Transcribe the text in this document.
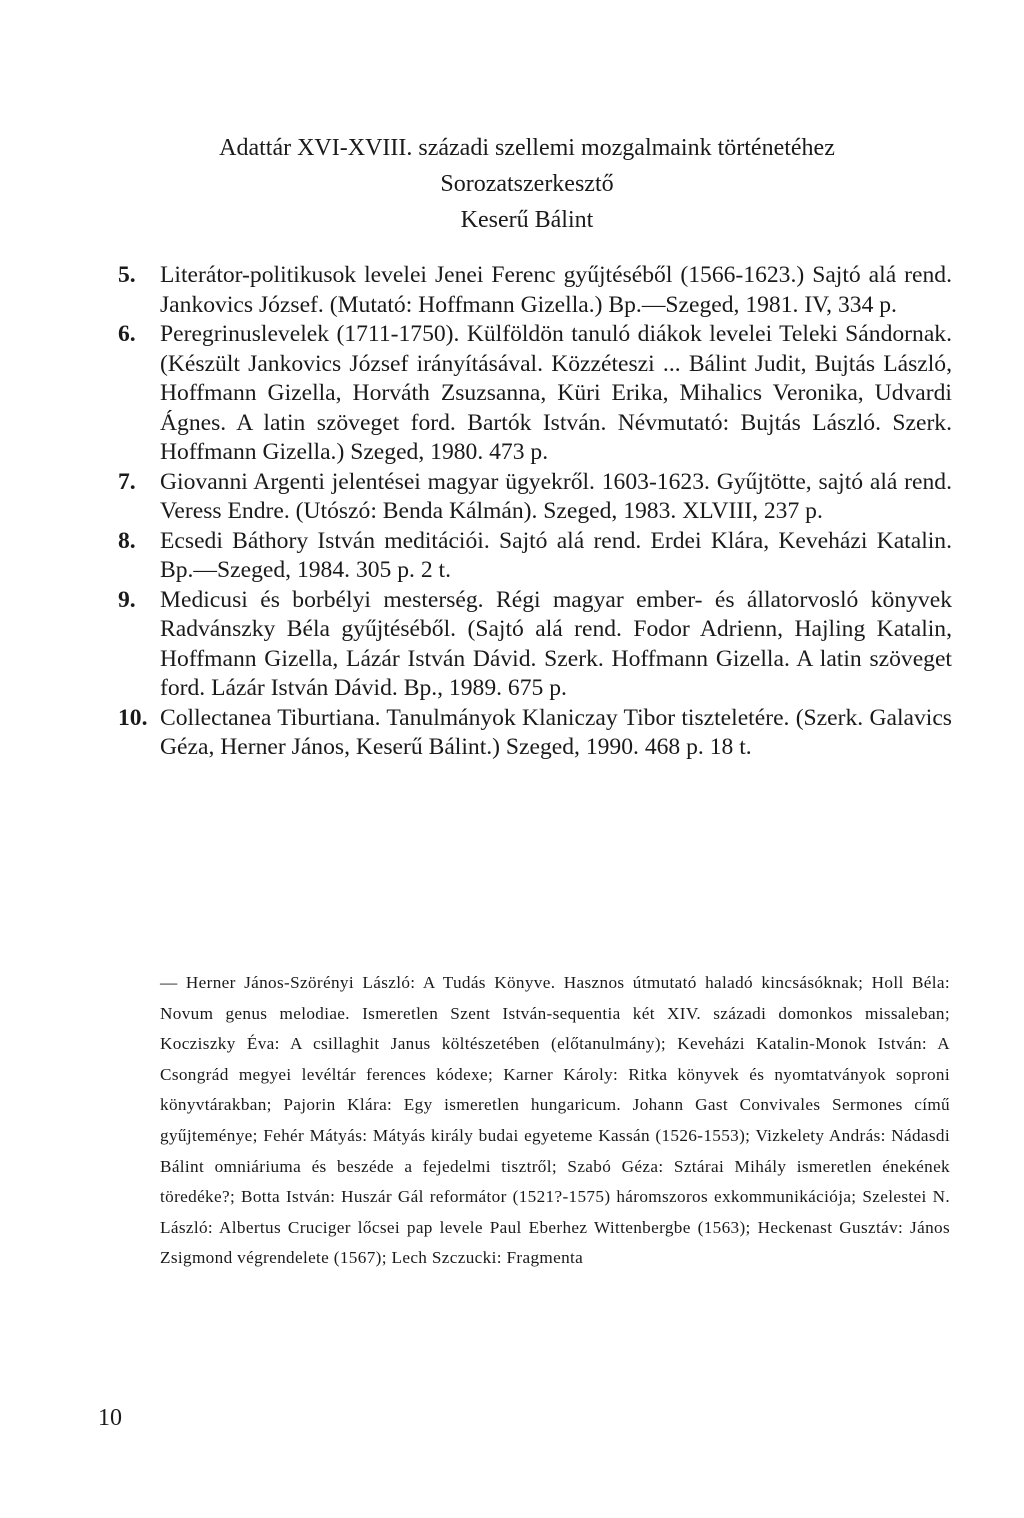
Adattár XVI-XVIII. századi szellemi mozgalmaink történetéhez
Sorozatszerkesztő
Keserű Bálint
5.	Literátor-politikusok levelei Jenei Ferenc gyűjtéséből (1566-1623.) Sajtó alá rend. Jankovics József. (Mutató: Hoffmann Gizella.) Bp.—Szeged, 1981. IV, 334 p.
6.	Peregrinuslevelek (1711-1750). Külföldön tanuló diákok levelei Teleki Sándornak. (Készült Jankovics József irányításával. Közzéteszi ... Bálint Judit, Bujtás László, Hoffmann Gizella, Horváth Zsuzsanna, Küri Erika, Mihalics Veronika, Udvardi Ágnes. A latin szöveget ford. Bartók István. Névmutató: Bujtás László. Szerk. Hoffmann Gizella.) Szeged, 1980. 473 p.
7.	Giovanni Argenti jelentései magyar ügyekről. 1603-1623. Gyűjtötte, sajtó alá rend. Veress Endre. (Utószó: Benda Kálmán). Szeged, 1983. XLVIII, 237 p.
8.	Ecsedi Báthory István meditációi. Sajtó alá rend. Erdei Klára, Keveházi Katalin. Bp.—Szeged, 1984. 305 p. 2 t.
9.	Medicusi és borbélyi mesterség. Régi magyar ember- és állatorvosló könyvek Radvánszky Béla gyűjtéséből. (Sajtó alá rend. Fodor Adrienn, Hajling Katalin, Hoffmann Gizella, Lázár István Dávid. Szerk. Hoffmann Gizella. A latin szöveget ford. Lázár István Dávid. Bp., 1989. 675 p.
10. Collectanea Tiburtiana. Tanulmányok Klaniczay Tibor tiszteletére. (Szerk. Galavics Géza, Herner János, Keserű Bálint.) Szeged, 1990. 468 p. 18 t.
— Herner János-Szörényi László: A Tudás Könyve. Hasznos útmutató haladó kincsásóknak; Holl Béla: Novum genus melodiae. Ismeretlen Szent István-sequentia két XIV. századi domonkos missaleban; Kocziszky Éva: A csillaghit Janus költészetében (előtanulmány); Keveházi Katalin-Monok István: A Csongrád megyei levéltár ferences kódexe; Karner Károly: Ritka könyvek és nyomtatványok soproni könyvtárakban; Pajorin Klára: Egy ismeretlen hungaricum. Johann Gast Convivales Sermones című gyűjteménye; Fehér Mátyás: Mátyás király budai egyeteme Kassán (1526-1553); Vizkelety András: Nádasdi Bálint omniáriuma és beszéde a fejedelmi tisztről; Szabó Géza: Sztárai Mihály ismeretlen énekének töredéke?; Botta István: Huszár Gál reformátor (1521?-1575) háromszoros exkommunikációja; Szelestei N. László: Albertus Cruciger lőcsei pap levele Paul Eberhez Wittenbergbe (1563); Heckenast Gusztáv: János Zsigmond végrendelete (1567); Lech Szczucki: Fragmenta
10
